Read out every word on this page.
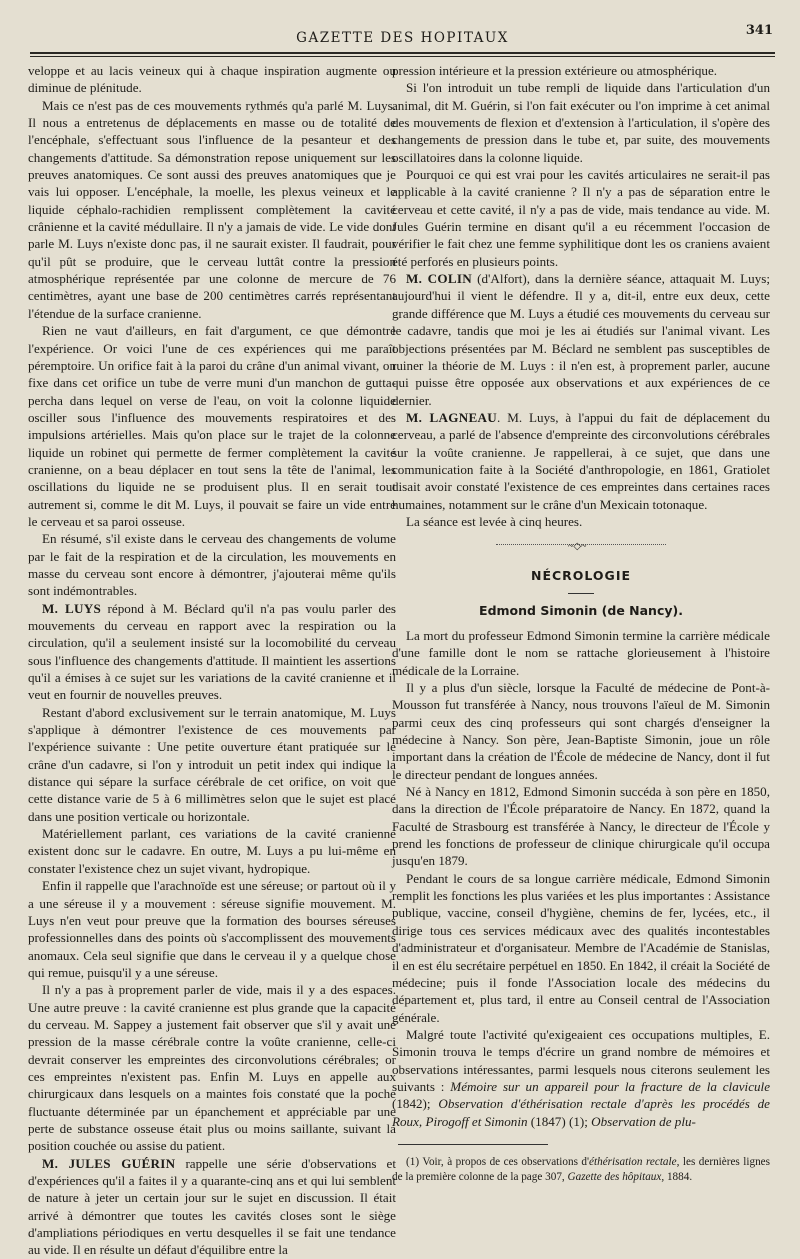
GAZETTE DES HOPITAUX	341

veloppe et au lacis veineux qui à chaque inspiration augmente ou diminue de plénitude.

Mais ce n'est pas de ces mouvements rythmés qu'a parlé M. Luys. Il nous a entretenus de déplacements en masse ou de totalité de l'encéphale, s'effectuant sous l'influence de la pesanteur et des changements d'attitude. Sa démonstration repose uniquement sur les preuves anatomiques. Ce sont aussi des preuves anatomiques que je vais lui opposer. L'encéphale, la moelle, les plexus veineux et le liquide céphalo-rachidien remplissent complètement la cavité crânienne et la cavité médullaire. Il n'y a jamais de vide. Le vide dont parle M. Luys n'existe donc pas, il ne saurait exister. Il faudrait, pour qu'il pût se produire, que le cerveau luttât contre la pression atmosphérique représentée par une colonne de mercure de 76 centimètres, ayant une base de 200 centimètres carrés représentant l'étendue de la surface cranienne.

Rien ne vaut d'ailleurs, en fait d'argument, ce que démontre l'expérience. Or voici l'une de ces expériences qui me paraît péremptoire. Un orifice fait à la paroi du crâne d'un animal vivant, on fixe dans cet orifice un tube de verre muni d'un manchon de gutta-percha dans lequel on verse de l'eau, on voit la colonne liquide osciller sous l'influence des mouvements respiratoires et des impulsions artérielles. Mais qu'on place sur le trajet de la colonne liquide un robinet qui permette de fermer complètement la cavité cranienne, on a beau déplacer en tout sens la tête de l'animal, les oscillations du liquide ne se produisent plus. Il en serait tout autrement si, comme le dit M. Luys, il pouvait se faire un vide entre le cerveau et sa paroi osseuse.

En résumé, s'il existe dans le cerveau des changements de volume par le fait de la respiration et de la circulation, les mouvements en masse du cerveau sont encore à démontrer, j'ajouterai même qu'ils sont indémontrables.

M. LUYS répond à M. Béclard qu'il n'a pas voulu parler des mouvements du cerveau en rapport avec la respiration ou la circulation, qu'il a seulement insisté sur la locomobilité du cerveau sous l'influence des changements d'attitude. Il maintient les assertions qu'il a émises à ce sujet sur les variations de la cavité cranienne et il veut en fournir de nouvelles preuves.

Restant d'abord exclusivement sur le terrain anatomique, M. Luys s'applique à démontrer l'existence de ces mouvements par l'expérience suivante : Une petite ouverture étant pratiquée sur le crâne d'un cadavre, si l'on y introduit un petit index qui indique la distance qui sépare la surface cérébrale de cet orifice, on voit que cette distance varie de 5 à 6 millimètres selon que le sujet est placé dans une position verticale ou horizontale.

Matériellement parlant, ces variations de la cavité cranienne existent donc sur le cadavre. En outre, M. Luys a pu lui-même en constater l'existence chez un sujet vivant, hydropique.

Enfin il rappelle que l'arachnoïde est une séreuse; or partout où il y a une séreuse il y a mouvement : séreuse signifie mouvement. M. Luys n'en veut pour preuve que la formation des bourses séreuses professionnelles dans des points où s'accomplissent des mouvements anomaux. Cela seul signifie que dans le cerveau il y a quelque chose qui remue, puisqu'il y a une séreuse.

Il n'y a pas à proprement parler de vide, mais il y a des espaces. Une autre preuve : la cavité cranienne est plus grande que la capacité du cerveau. M. Sappey a justement fait observer que s'il y avait une pression de la masse cérébrale contre la voûte cranienne, celle-ci devrait conserver les empreintes des circonvolutions cérébrales; or ces empreintes n'existent pas. Enfin M. Luys en appelle aux chirurgicaux dans lesquels on a maintes fois constaté que la poche fluctuante déterminée par un épanchement et appréciable par une perte de substance osseuse était plus ou moins saillante, suivant la position couchée ou assise du patient.

M. JULES GUÉRIN rappelle une série d'observations et d'expériences qu'il a faites il y a quarante-cinq ans et qui lui semblent de nature à jeter un certain jour sur le sujet en discussion. Il était arrivé à démontrer que toutes les cavités closes sont le siège d'ampliations périodiques en vertu desquelles il se fait une tendance au vide. Il en résulte un défaut d'équilibre entre la

pression intérieure et la pression extérieure ou atmosphérique.

Si l'on introduit un tube rempli de liquide dans l'articulation d'un animal, dit M. Guérin, si l'on fait exécuter ou l'on imprime à cet animal des mouvements de flexion et d'extension à l'articulation, il s'opère des changements de pression dans le tube et, par suite, des mouvements oscillatoires dans la colonne liquide.

Pourquoi ce qui est vrai pour les cavités articulaires ne serait-il pas applicable à la cavité cranienne ? Il n'y a pas de séparation entre le cerveau et cette cavité, il n'y a pas de vide, mais tendance au vide. M. Jules Guérin termine en disant qu'il a eu récemment l'occasion de vérifier le fait chez une femme syphilitique dont les os craniens avaient été perforés en plusieurs points.

M. COLIN (d'Alfort), dans la dernière séance, attaquait M. Luys; aujourd'hui il vient le défendre. Il y a, dit-il, entre eux deux, cette grande différence que M. Luys a étudié ces mouvements du cerveau sur le cadavre, tandis que moi je les ai étudiés sur l'animal vivant. Les objections présentées par M. Béclard ne semblent pas susceptibles de ruiner la théorie de M. Luys : il n'en est, à proprement parler, aucune qui puisse être opposée aux observations et aux expériences de ce dernier.

M. LAGNEAU. M. Luys, à l'appui du fait de déplacement du cerveau, a parlé de l'absence d'empreinte des circonvolutions cérébrales sur la voûte cranienne. Je rappellerai, à ce sujet, que dans une communication faite à la Société d'anthropologie, en 1861, Gratiolet disait avoir constaté l'existence de ces empreintes dans certaines races humaines, notamment sur le crâne d'un Mexicain totonaque.

La séance est levée à cinq heures.

~◇~
NÉCROLOGIE
Edmond Simonin (de Nancy).

La mort du professeur Edmond Simonin termine la carrière médicale d'une famille dont le nom se rattache glorieusement à l'histoire médicale de la Lorraine.

Il y a plus d'un siècle, lorsque la Faculté de médecine de Pont-à-Mousson fut transférée à Nancy, nous trouvons l'aïeul de M. Simonin parmi ceux des cinq professeurs qui sont chargés d'enseigner la médecine à Nancy. Son père, Jean-Baptiste Simonin, joue un rôle important dans la création de l'École de médecine de Nancy, dont il fut le directeur pendant de longues années.

Né à Nancy en 1812, Edmond Simonin succéda à son père en 1850, dans la direction de l'École préparatoire de Nancy. En 1872, quand la Faculté de Strasbourg est transférée à Nancy, le directeur de l'École y prend les fonctions de professeur de clinique chirurgicale qu'il occupa jusqu'en 1879.

Pendant le cours de sa longue carrière médicale, Edmond Simonin remplit les fonctions les plus variées et les plus importantes : Assistance publique, vaccine, conseil d'hygiène, chemins de fer, lycées, etc., il dirige tous ces services médicaux avec des qualités incontestables d'administrateur et d'organisateur. Membre de l'Académie de Stanislas, il en est élu secrétaire perpétuel en 1850. En 1842, il créait la Société de médecine; puis il fonde l'Association locale des médecins du département et, plus tard, il entre au Conseil central de l'Association générale.

Malgré toute l'activité qu'exigeaient ces occupations multiples, E. Simonin trouva le temps d'écrire un grand nombre de mémoires et observations intéressantes, parmi lesquels nous citerons seulement les suivants : Mémoire sur un appareil pour la fracture de la clavicule (1842); Observation d'éthérisation rectale d'après les procédés de Roux, Pirogoff et Simonin (1847) (1); Observation de plu-

(1) Voir, à propos de ces observations d'éthérisation rectale, les dernières lignes de la première colonne de la page 307, Gazette des hôpitaux, 1884.
